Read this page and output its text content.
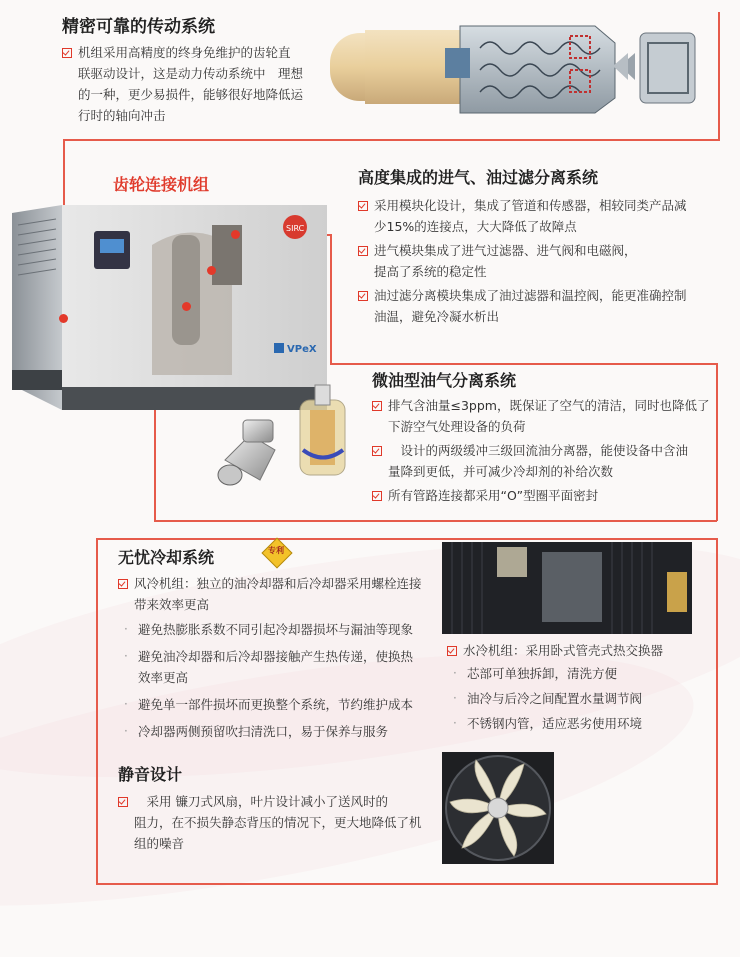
精密可靠的传动系统
机组采用高精度的终身免维护的齿轮直
联驱动设计，这是动力传动系统中　理想
的一种，更少易损件，能够很好地降低运
行时的轴向冲击
齿轮连接机组
SIRC
VPeX
高度集成的进气、油过滤分离系统
采用模块化设计，集成了管道和传感器，相较同类产品减
少15%的连接点，大大降低了故障点
进气模块集成了进气过滤器、进气阀和电磁阀，
提高了系统的稳定性
油过滤分离模块集成了油过滤器和温控阀，能更准确控制
油温，避免冷凝水析出
微油型油气分离系统
排气含油量≤3ppm，既保证了空气的清洁，同时也降低了
下游空气处理设备的负荷
　设计的两级缓冲三级回流油分离器，能使设备中含油
量降到更低，并可减少冷却剂的补给次数
所有管路连接都采用“O”型圈平面密封
无忧冷却系统	专利
风冷机组：独立的油冷却器和后冷却器采用螺栓连接
带来效率更高
· 避免热膨胀系数不同引起冷却器损坏与漏油等现象
· 避免油冷却器和后冷却器接触产生热传递，使换热
效率更高
· 避免单一部件损坏而更换整个系统，节约维护成本
· 冷却器两侧预留吹扫清洗口，易于保养与服务
水冷机组：采用卧式管壳式热交换器
· 芯部可单独拆卸，清洗方便
· 油冷与后冷之间配置水量调节阀
· 不锈钢内管，适应恶劣使用环境
静音设计
　采用 镰刀式风扇，叶片设计减小了送风时的
阻力，在不损失静态背压的情况下，更大地降低了机
组的噪音
